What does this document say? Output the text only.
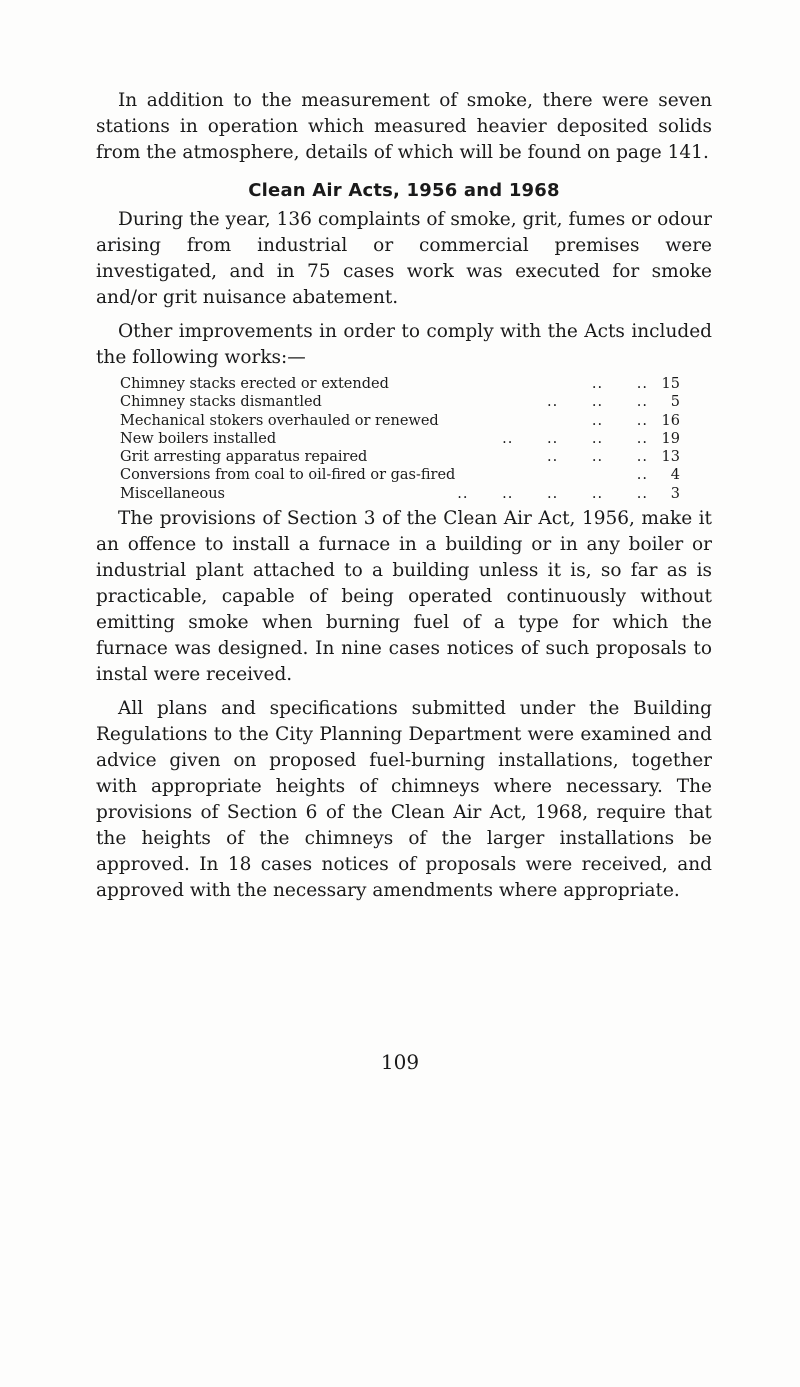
In addition to the measurement of smoke, there were seven stations in operation which measured heavier deposited solids from the atmosphere, details of which will be found on page 141.

Clean Air Acts, 1956 and 1968

During the year, 136 complaints of smoke, grit, fumes or odour arising from industrial or commercial premises were investigated, and in 75 cases work was executed for smoke and/or grit nuisance abatement.

Other improvements in order to comply with the Acts included the following works:—

Chimney stacks erected or extended	..      .. 15
Chimney stacks dismantled	..      ..      ..	5
Mechanical stokers overhauled or renewed	..      .. 16
New boilers installed	..      ..      ..      .. 19
Grit arresting apparatus repaired	..      ..      .. 13
Conversions from coal to oil-fired or gas-fired	..	4
Miscellaneous	..      ..      ..      ..      ..	3

The provisions of Section 3 of the Clean Air Act, 1956, make it an offence to install a furnace in a building or in any boiler or industrial plant attached to a building unless it is, so far as is practicable, capable of being operated continuously without emitting smoke when burning fuel of a type for which the furnace was designed. In nine cases notices of such proposals to instal were received.

All plans and specifications submitted under the Building Regulations to the City Planning Department were examined and advice given on proposed fuel-burning installations, together with appropriate heights of chimneys where necessary. The provisions of Section 6 of the Clean Air Act, 1968, require that the heights of the chimneys of the larger installations be approved. In 18 cases notices of proposals were received, and approved with the necessary amendments where appropriate.

109
